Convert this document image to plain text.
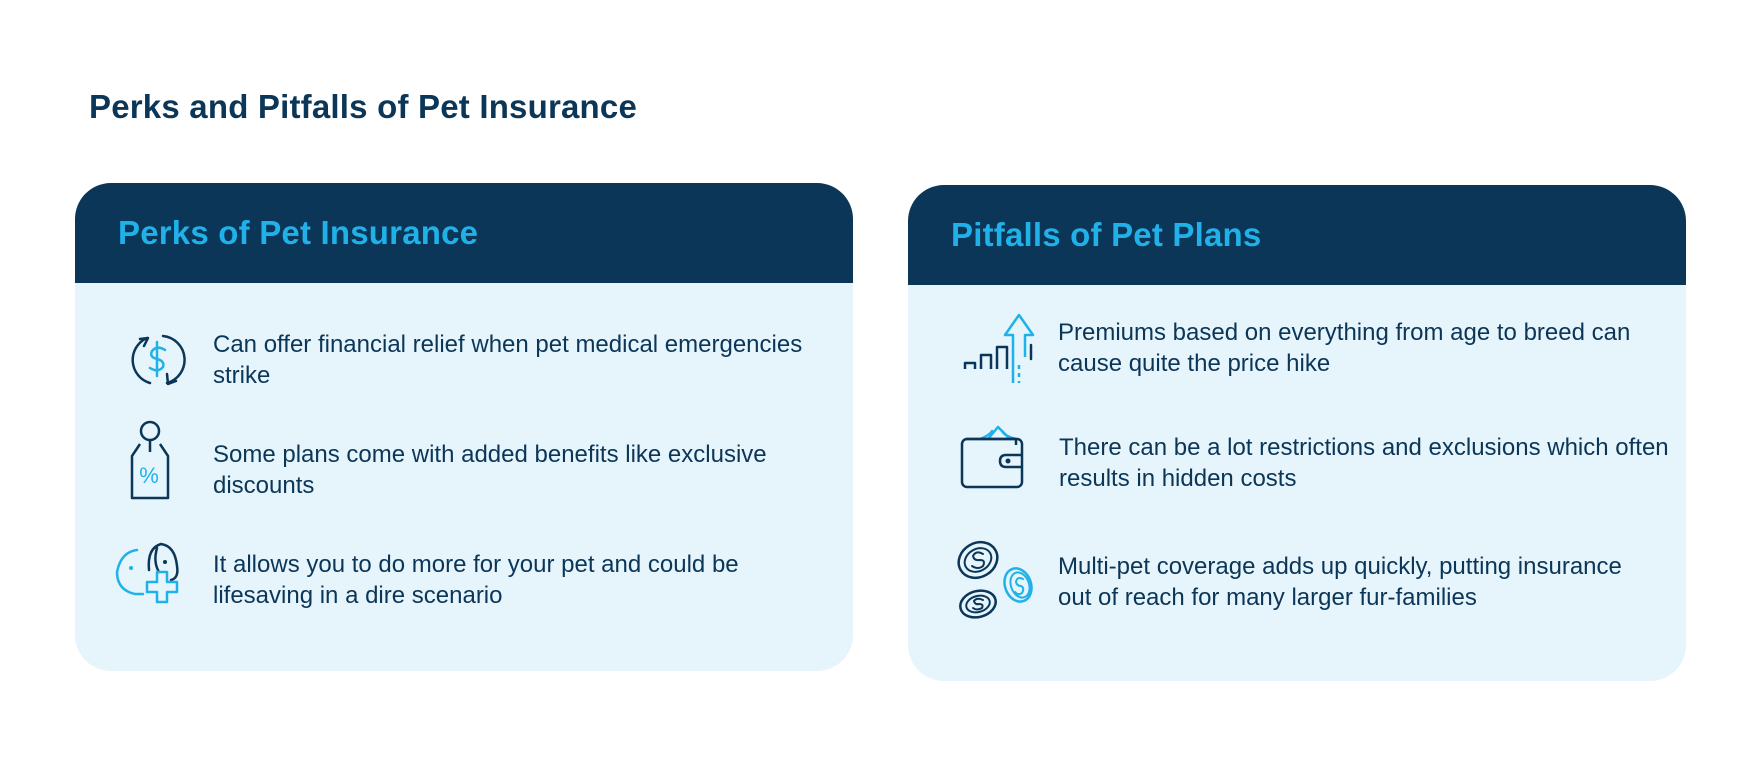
Perks and Pitfalls of Pet Insurance
Perks of Pet Insurance

Can offer financial relief when pet medical emergencies strike

%

Some plans come with added benefits like exclusive discounts

It allows you to do more for your pet and could be lifesaving in a dire scenario

Pitfalls of Pet Plans

Premiums based on everything from age to breed can cause quite the price hike

There can be a lot restrictions and exclusions which often results in hidden costs

Multi-pet coverage adds up quickly, putting insurance out of reach for many larger fur-families
